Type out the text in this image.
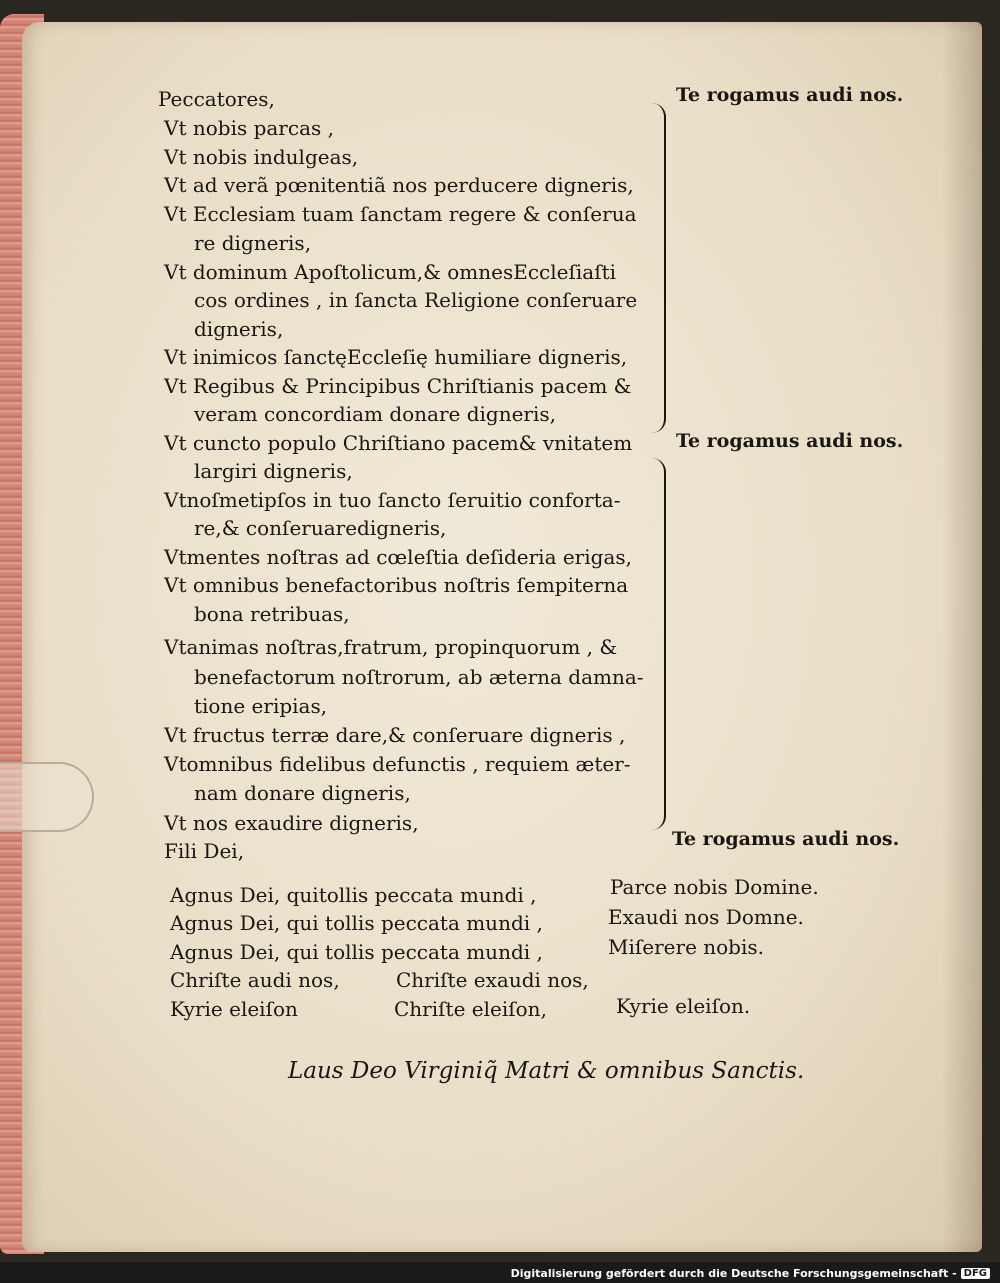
Peccatores,
Vt nobis parcas ,
Vt nobis indulgeas,
Vt ad verã pœnitentiã nos perducere digneris,
Vt Ecclesiam tuam ſanctam regere & conſerua
re digneris,
Vt dominum Apoſtolicum,& omnesEccleſiaſti
cos ordines , in ſancta Religione conſeruare
digneris,
Vt inimicos ſanctęEccleſię humiliare digneris,
Vt Regibus & Principibus Chriſtianis pacem &
veram concordiam donare digneris,
Vt cuncto populo Chriſtiano pacem& vnitatem
largiri digneris,
Vtnoſmetipſos in tuo ſancto ſeruitio conforta-
re,& conſeruaredigneris,
Vtmentes noſtras ad cœleſtia deſideria erigas,
Vt omnibus benefactoribus noſtris ſempiterna
bona retribuas,
Vtanimas noſtras,fratrum, propinquorum , &
benefactorum noſtrorum, ab æterna damna-
tione eripias,
Vt fructus terræ dare,& conſeruare digneris ,
Vtomnibus fidelibus defunctis , requiem æter-
nam donare digneris,
Vt nos exaudire digneris,
Fili Dei,
Te rogamus audi nos.
Te rogamus audi nos.
Te rogamus audi nos.
Agnus Dei, quitollis peccata mundi ,	Parce nobis Domine.
Agnus Dei, qui tollis peccata mundi ,	Exaudi nos Domne.
Agnus Dei, qui tollis peccata mundi ,	Miſerere nobis.
Chriſte audi nos,	Chriſte exaudi nos,
Kyrie eleiſon	Chriſte eleiſon,	Kyrie eleiſon.
Laus Deo Virginiq̃ Matri & omnibus Sanctis.
Digitalisierung gefördert durch die Deutsche Forschungsgemeinschaft - DFG
